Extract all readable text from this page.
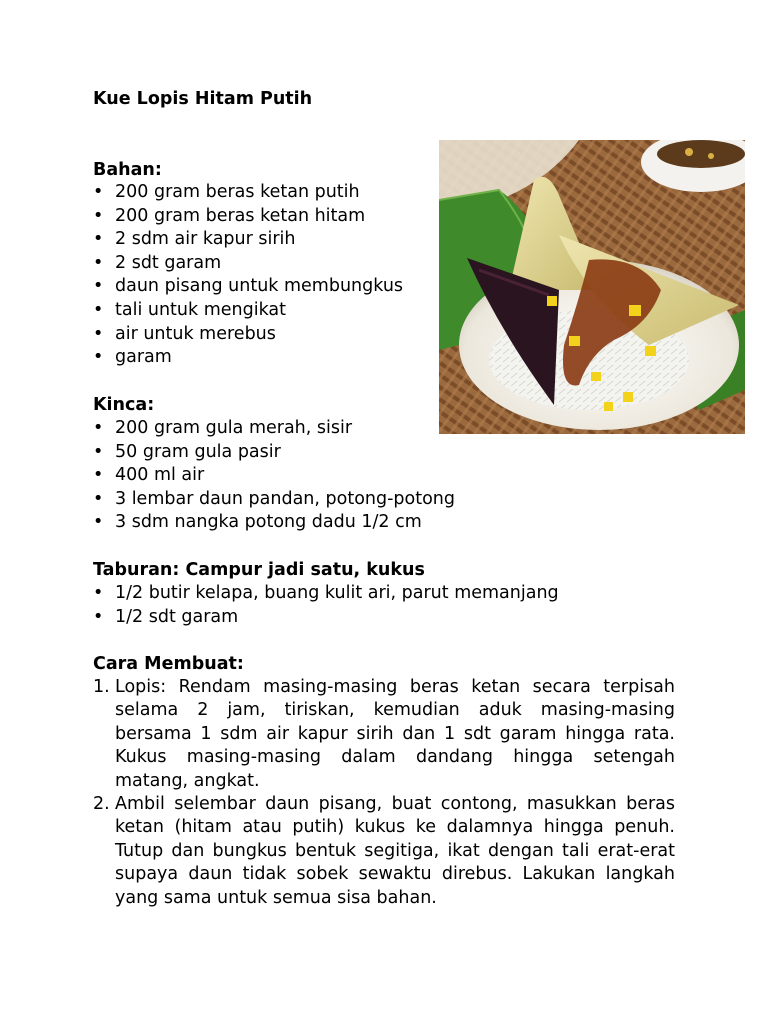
Kue Lopis Hitam Putih
Bahan:
• 200 gram beras ketan putih
• 200 gram beras ketan hitam
• 2 sdm air kapur sirih
• 2 sdt garam
• daun pisang untuk membungkus
• tali untuk mengikat
• air untuk merebus
• garam
Kinca:
• 200 gram gula merah, sisir
• 50 gram gula pasir
• 400 ml air
• 3 lembar daun pandan, potong-potong
• 3 sdm nangka potong dadu 1/2 cm
Taburan: Campur jadi satu, kukus
• 1/2 butir kelapa, buang kulit ari, parut memanjang
• 1/2 sdt garam
Cara Membuat:
1. Lopis: Rendam masing-masing beras ketan secara terpisah selama 2 jam, tiriskan, kemudian aduk masing-masing bersama 1 sdm air kapur sirih dan 1 sdt garam hingga rata. Kukus masing-masing dalam dandang hingga setengah matang, angkat.
2. Ambil selembar daun pisang, buat contong, masukkan beras ketan (hitam atau putih) kukus ke dalamnya hingga penuh. Tutup dan bungkus bentuk segitiga, ikat dengan tali erat-erat supaya daun tidak sobek sewaktu direbus. Lakukan langkah yang sama untuk semua sisa bahan.
